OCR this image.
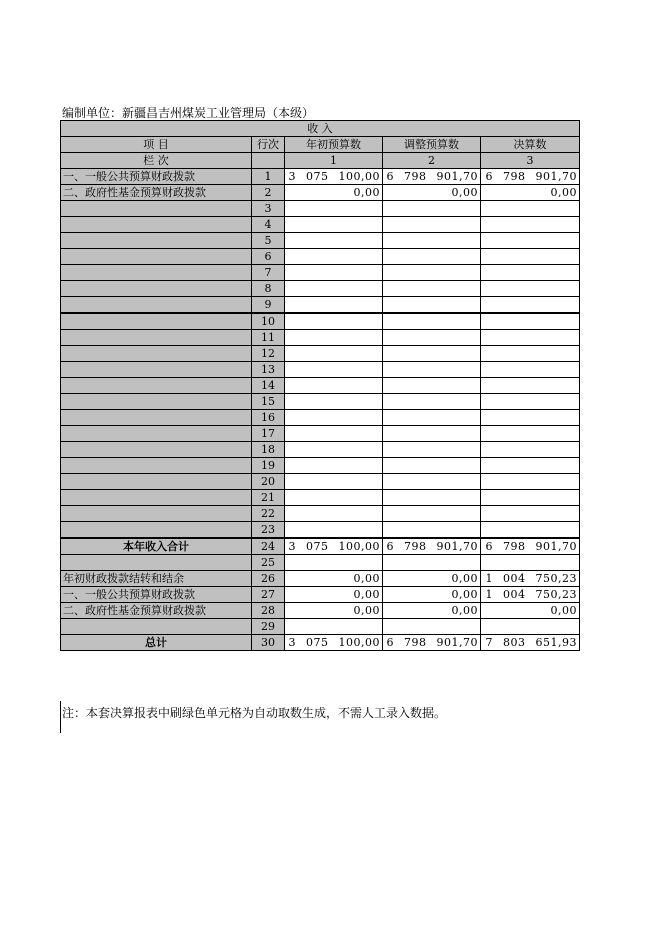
编制单位：新疆昌吉州煤炭工业管理局（本级）
收 入				
项 目	行次	年初预算数	调整预算数	决算数
栏 次		1	2	3
一、一般公共预算财政拨款	1	3 075 100,00	6 798 901,70	6 798 901,70
二、政府性基金预算财政拨款	2	0,00	0,00	0,00
	3			
	4			
	5			
	6			
	7			
	8			
	9			
	10			
	11			
	12			
	13			
	14			
	15			
	16			
	17			
	18			
	19			
	20			
	21			
	22			
	23			
本年收入合计	24	3 075 100,00	6 798 901,70	6 798 901,70
	25			
年初财政拨款结转和结余	26	0,00	0,00	1 004 750,23
一、一般公共预算财政拨款	27	0,00	0,00	1 004 750,23
二、政府性基金预算财政拨款	28	0,00	0,00	0,00
	29			
总计	30	3 075 100,00	6 798 901,70	7 803 651,93
注：本套决算报表中刷绿色单元格为自动取数生成，不需人工录入数据。
